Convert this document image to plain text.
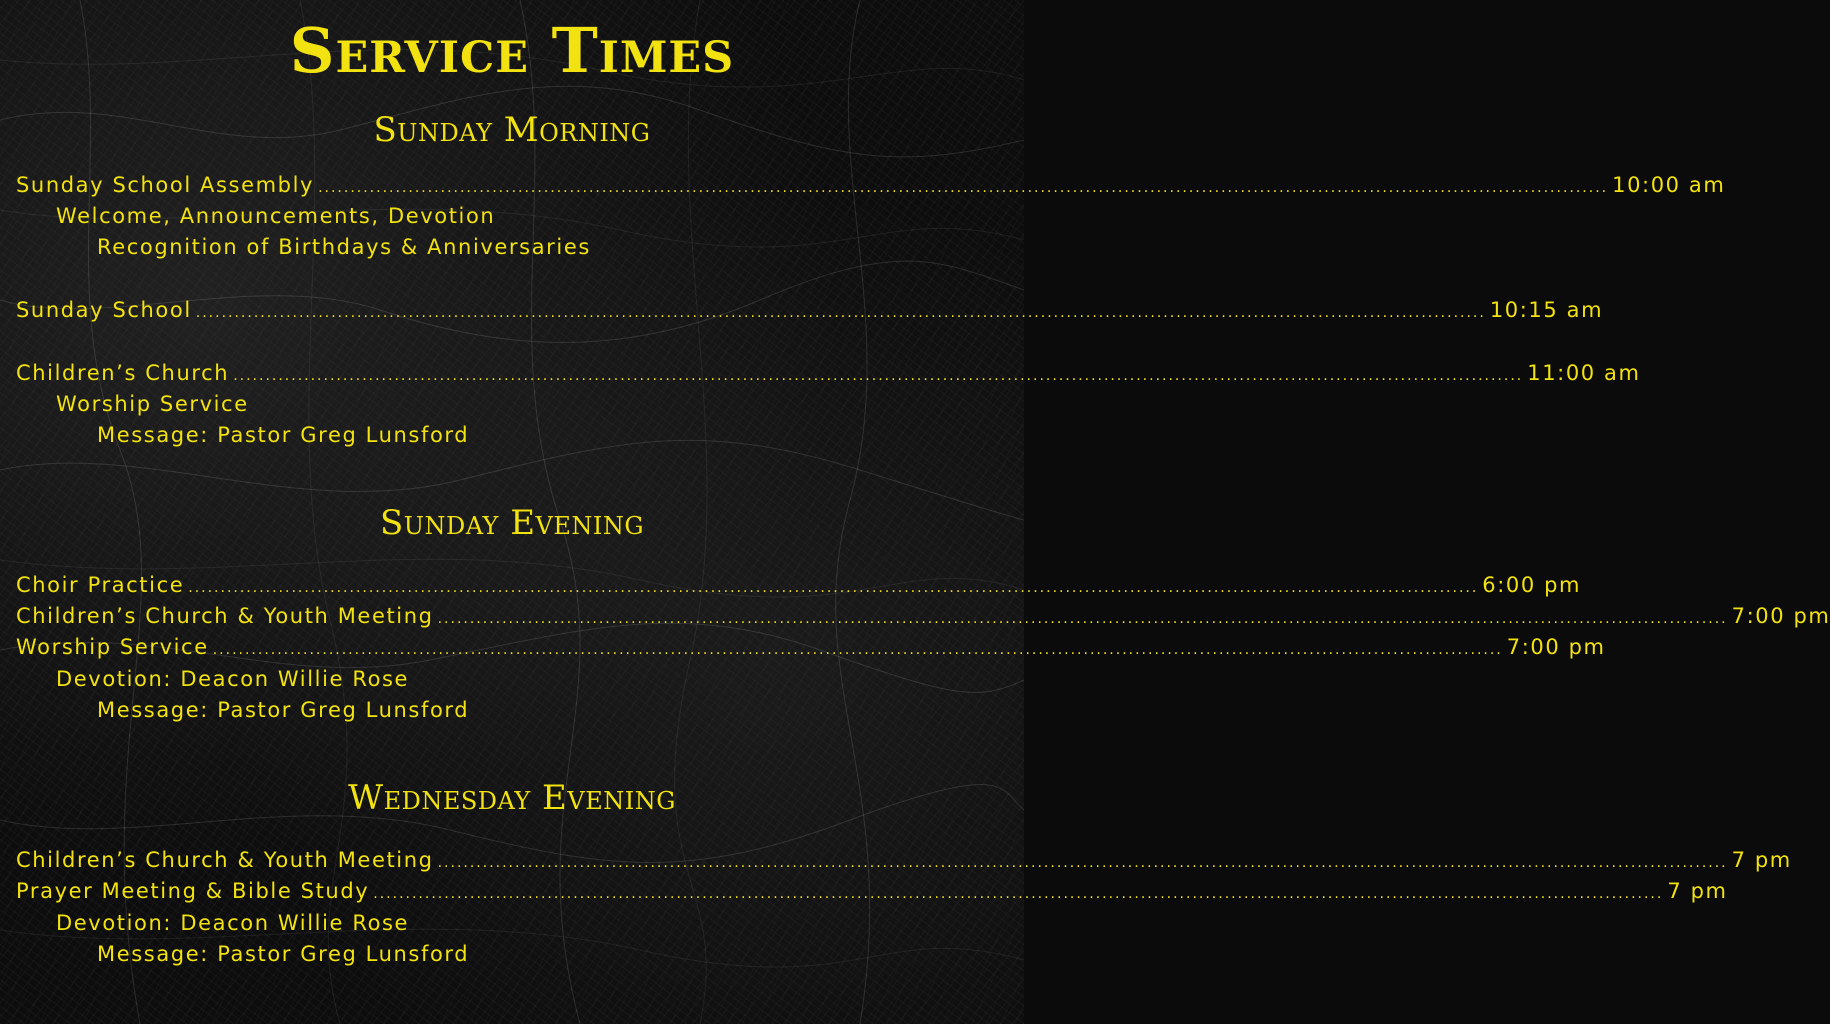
Service Times
Sunday Morning
Sunday School Assembly ........................................................................................................................................................................................................ 10:00 am
Welcome, Announcements, Devotion
Recognition of Birthdays & Anniversaries
Sunday School ........................................................................................................................................................................................................ 10:15 am
Children’s Church ........................................................................................................................................................................................................ 11:00 am
Worship Service
Message: Pastor Greg Lunsford
Sunday Evening
Choir Practice ........................................................................................................................................................................................................ 6:00 pm
Children’s Church & Youth Meeting ........................................................................................................................................................................................................ 7:00 pm
Worship Service ........................................................................................................................................................................................................ 7:00 pm
Devotion: Deacon Willie Rose
Message: Pastor Greg Lunsford
Wednesday Evening
Children’s Church & Youth Meeting ........................................................................................................................................................................................................ 7 pm
Prayer Meeting & Bible Study ........................................................................................................................................................................................................ 7 pm
Devotion: Deacon Willie Rose
Message: Pastor Greg Lunsford
